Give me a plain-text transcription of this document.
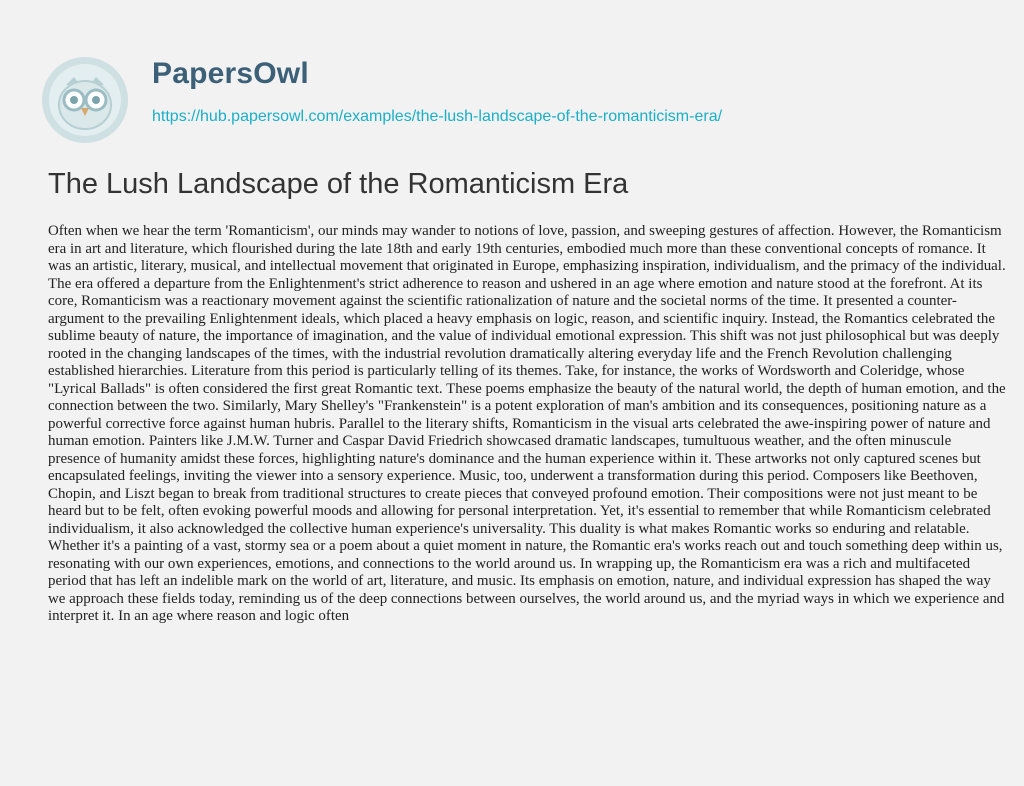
PapersOwl
https://hub.papersowl.com/examples/the-lush-landscape-of-the-romanticism-era/
The Lush Landscape of the Romanticism Era

Often when we hear the term 'Romanticism', our minds may wander to notions of love, passion, and sweeping gestures of affection. However, the Romanticism era in art and literature, which flourished during the late 18th and early 19th centuries, embodied much more than these conventional concepts of romance. It was an artistic, literary, musical, and intellectual movement that originated in Europe, emphasizing inspiration, individualism, and the primacy of the individual. The era offered a departure from the Enlightenment's strict adherence to reason and ushered in an age where emotion and nature stood at the forefront. At its core, Romanticism was a reactionary movement against the scientific rationalization of nature and the societal norms of the time. It presented a counter-argument to the prevailing Enlightenment ideals, which placed a heavy emphasis on logic, reason, and scientific inquiry. Instead, the Romantics celebrated the sublime beauty of nature, the importance of imagination, and the value of individual emotional expression. This shift was not just philosophical but was deeply rooted in the changing landscapes of the times, with the industrial revolution dramatically altering everyday life and the French Revolution challenging established hierarchies. Literature from this period is particularly telling of its themes. Take, for instance, the works of Wordsworth and Coleridge, whose "Lyrical Ballads" is often considered the first great Romantic text. These poems emphasize the beauty of the natural world, the depth of human emotion, and the connection between the two. Similarly, Mary Shelley's "Frankenstein" is a potent exploration of man's ambition and its consequences, positioning nature as a powerful corrective force against human hubris. Parallel to the literary shifts, Romanticism in the visual arts celebrated the awe-inspiring power of nature and human emotion. Painters like J.M.W. Turner and Caspar David Friedrich showcased dramatic landscapes, tumultuous weather, and the often minuscule presence of humanity amidst these forces, highlighting nature's dominance and the human experience within it. These artworks not only captured scenes but encapsulated feelings, inviting the viewer into a sensory experience. Music, too, underwent a transformation during this period. Composers like Beethoven, Chopin, and Liszt began to break from traditional structures to create pieces that conveyed profound emotion. Their compositions were not just meant to be heard but to be felt, often evoking powerful moods and allowing for personal interpretation. Yet, it's essential to remember that while Romanticism celebrated individualism, it also acknowledged the collective human experience's universality. This duality is what makes Romantic works so enduring and relatable. Whether it's a painting of a vast, stormy sea or a poem about a quiet moment in nature, the Romantic era's works reach out and touch something deep within us, resonating with our own experiences, emotions, and connections to the world around us. In wrapping up, the Romanticism era was a rich and multifaceted period that has left an indelible mark on the world of art, literature, and music. Its emphasis on emotion, nature, and individual expression has shaped the way we approach these fields today, reminding us of the deep connections between ourselves, the world around us, and the myriad ways in which we experience and interpret it. In an age where reason and logic often
